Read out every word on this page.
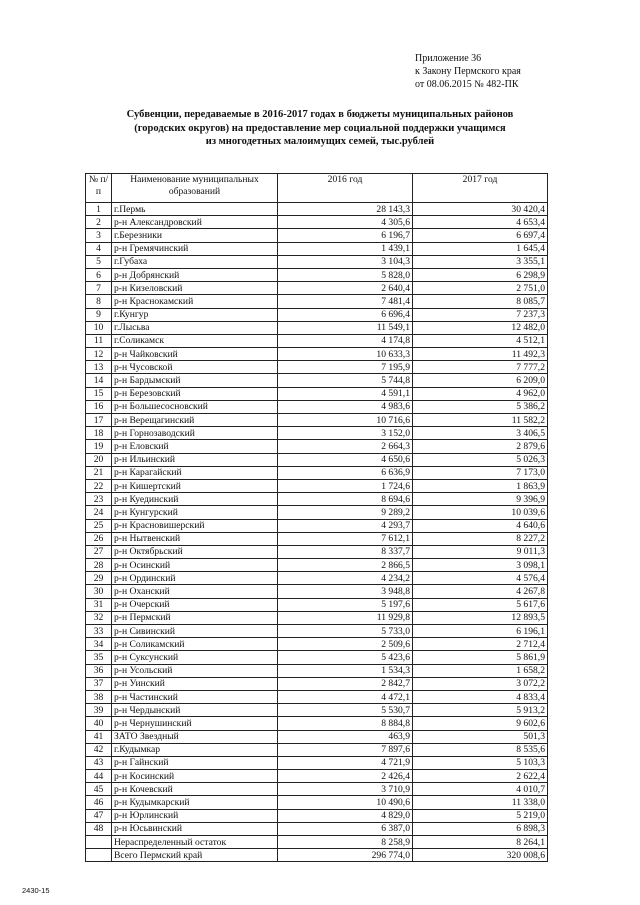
Приложение 36
к Закону Пермского края
от 08.06.2015 № 482-ПК
Субвенции, передаваемые в 2016-2017 годах в бюджеты муниципальных районов
(городских округов) на предоставление мер социальной поддержки учащимся
из многодетных малоимущих семей, тыс.рублей
№ п/п	Наименование муниципальных образований	2016 год	2017 год
1	г.Пермь	28 143,3	30 420,4
2	р-н Александровский	4 305,6	4 653,4
3	г.Березники	6 196,7	6 697,4
4	р-н Гремячинский	1 439,1	1 645,4
5	г.Губаха	3 104,3	3 355,1
6	р-н Добрянский	5 828,0	6 298,9
7	р-н Кизеловский	2 640,4	2 751,0
8	р-н Краснокамский	7 481,4	8 085,7
9	г.Кунгур	6 696,4	7 237,3
10	г.Лысьва	11 549,1	12 482,0
11	г.Соликамск	4 174,8	4 512,1
12	р-н Чайковский	10 633,3	11 492,3
13	р-н Чусовской	7 195,9	7 777,2
14	р-н Бардымский	5 744,8	6 209,0
15	р-н Березовский	4 591,1	4 962,0
16	р-н Большесосновский	4 983,6	5 386,2
17	р-н Верещагинский	10 716,6	11 582,2
18	р-н Горнозаводский	3 152,0	3 406,5
19	р-н Еловский	2 664,3	2 879,6
20	р-н Ильинский	4 650,6	5 026,3
21	р-н Карагайский	6 636,9	7 173,0
22	р-н Кишертский	1 724,6	1 863,9
23	р-н Куединский	8 694,6	9 396,9
24	р-н Кунгурский	9 289,2	10 039,6
25	р-н Красновишерский	4 293,7	4 640,6
26	р-н Нытвенский	7 612,1	8 227,2
27	р-н Октябрьский	8 337,7	9 011,3
28	р-н Осинский	2 866,5	3 098,1
29	р-н Ординский	4 234,2	4 576,4
30	р-н Оханский	3 948,8	4 267,8
31	р-н Очерский	5 197,6	5 617,6
32	р-н Пермский	11 929,8	12 893,5
33	р-н Сивинский	5 733,0	6 196,1
34	р-н Соликамский	2 509,6	2 712,4
35	р-н Суксунский	5 423,6	5 861,9
36	р-н Усольский	1 534,3	1 658,2
37	р-н Уинский	2 842,7	3 072,2
38	р-н Частинский	4 472,1	4 833,4
39	р-н Чердынский	5 530,7	5 913,2
40	р-н Чернушинский	8 884,8	9 602,6
41	ЗАТО Звездный	463,9	501,3
42	г.Кудымкар	7 897,6	8 535,6
43	р-н Гайнский	4 721,9	5 103,3
44	р-н Косинский	2 426,4	2 622,4
45	р-н Кочевский	3 710,9	4 010,7
46	р-н Кудымкарский	10 490,6	11 338,0
47	р-н Юрлинский	4 829,0	5 219,0
48	р-н Юсьвинский	6 387,0	6 898,3
	Нераспределенный остаток	8 258,9	8 264,1
	Всего Пермский край	296 774,0	320 008,6
2430-15
